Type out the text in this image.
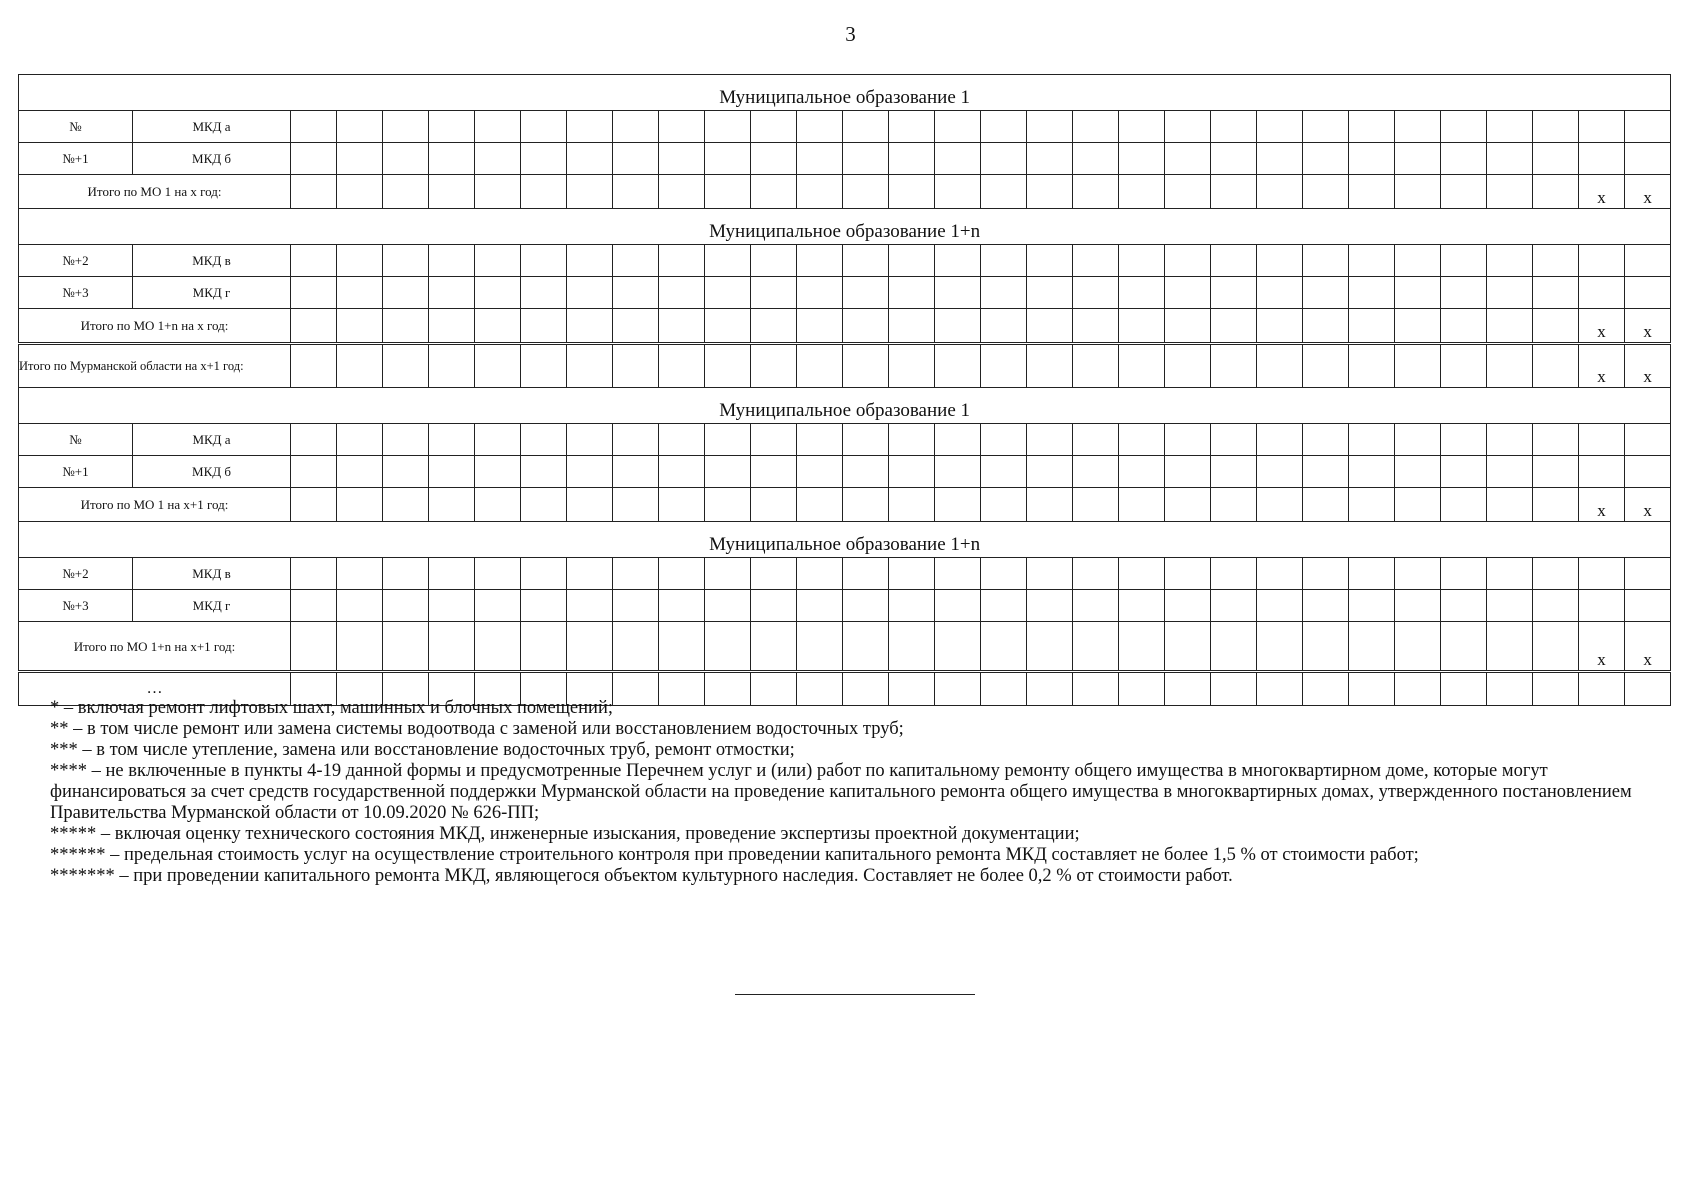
3
Муниципальное образование 1																															
№	МКД а																														
№+1	МКД б																														
Итого по МО 1 на х год:																														х	х
Муниципальное образование 1+n																															
№+2	МКД в																														
№+3	МКД г																														
Итого по МО 1+n на х год:																														х	х
Итого по Мурманской области на х+1 год:																														х	х
Муниципальное образование 1																															
№	МКД а																														
№+1	МКД б																														
Итого по МО 1 на х+1 год:																														х	х
Муниципальное образование 1+n																															
№+2	МКД в																														
№+3	МКД г																														
Итого по МО 1+n на х+1 год:																														х	х
…																															

* – включая ремонт лифтовых шахт, машинных и блочных помещений;

** – в том числе ремонт или замена системы водоотвода с заменой или восстановлением водосточных труб;

*** – в том числе утепление, замена или восстановление водосточных труб, ремонт отмостки;

**** – не включенные в пункты 4-19 данной формы и предусмотренные Перечнем услуг и (или) работ по капитальному ремонту общего имущества в многоквартирном доме, которые могут финансироваться за счет средств государственной поддержки Мурманской области на проведение капитального ремонта общего имущества в многоквартирных домах, утвержденного постановлением Правительства Мурманской области от 10.09.2020 № 626-ПП;

***** – включая оценку технического состояния МКД, инженерные изыскания, проведение экспертизы проектной документации;

****** – предельная стоимость услуг на осуществление строительного контроля при проведении капитального ремонта МКД составляет не более 1,5 % от стоимости работ;

******* – при проведении капитального ремонта МКД, являющегося объектом культурного наследия. Составляет не более 0,2 % от стоимости работ.
